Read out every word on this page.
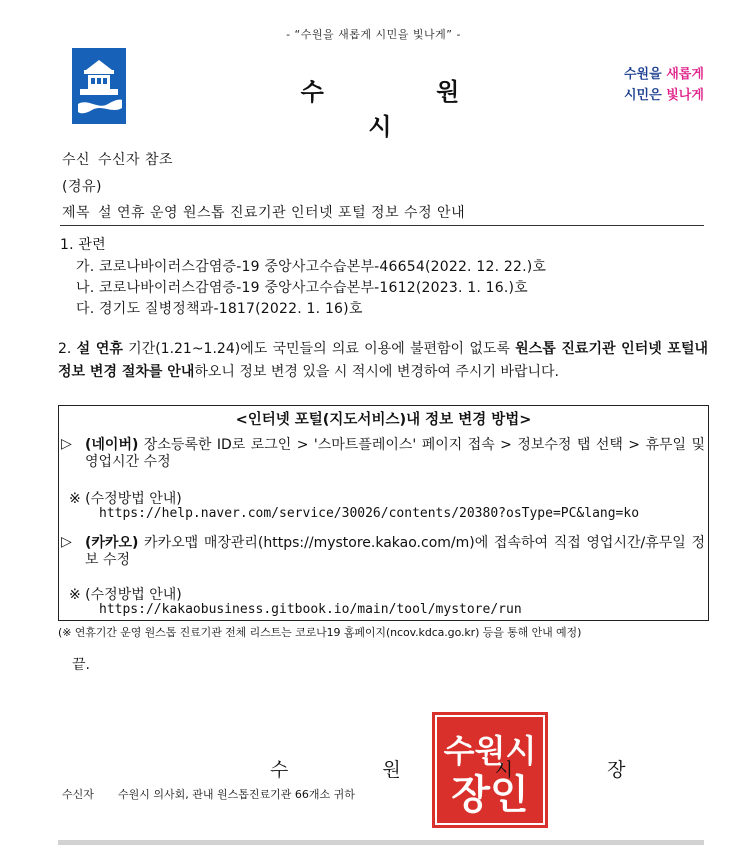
- “수원을 새롭게 시민을 빛나게” -
수 원 시
수원을 새롭게
시민은 빛나게
수신 수신자 참조
(경유)
제목 설 연휴 운영 원스톱 진료기관 인터넷 포털 정보 수정 안내
1. 관련
가. 코로나바이러스감염증-19 중앙사고수습본부-46654(2022. 12. 22.)호
나. 코로나바이러스감염증-19 중앙사고수습본부-1612(2023. 1. 16.)호
다. 경기도 질병정책과-1817(2022. 1. 16)호
2. 설 연휴 기간(1.21~1.24)에도 국민들의 의료 이용에 불편함이 없도록 원스톱 진료기관 인터넷 포털내 정보 변경 절차를 안내하오니 정보 변경 있을 시 적시에 변경하여 주시기 바랍니다.
<인터넷 포털(지도서비스)내 정보 변경 방법>
▷ (네이버) 장소등록한 ID로 로그인 > '스마트플레이스' 페이지 접속 > 정보수정 탭 선택 > 휴무일 및 영업시간 수정
※ (수정방법 안내)
https://help.naver.com/service/30026/contents/20380?osType=PC&lang=ko
▷ (카카오) 카카오맵 매장관리(https://mystore.kakao.com/m)에 접속하여 직접 영업시간/휴무일 정보 수정
※ (수정방법 안내)
https://kakaobusiness.gitbook.io/main/tool/mystore/run
(※ 연휴기간 운영 원스톱 진료기관 전체 리스트는 코로나19 홈페이지(ncov.kdca.go.kr) 등을 통해 안내 예정)
끝.
수원시
장인
수 원 시 장
수신자 수원시 의사회, 관내 원스톱진료기관 66개소 귀하
